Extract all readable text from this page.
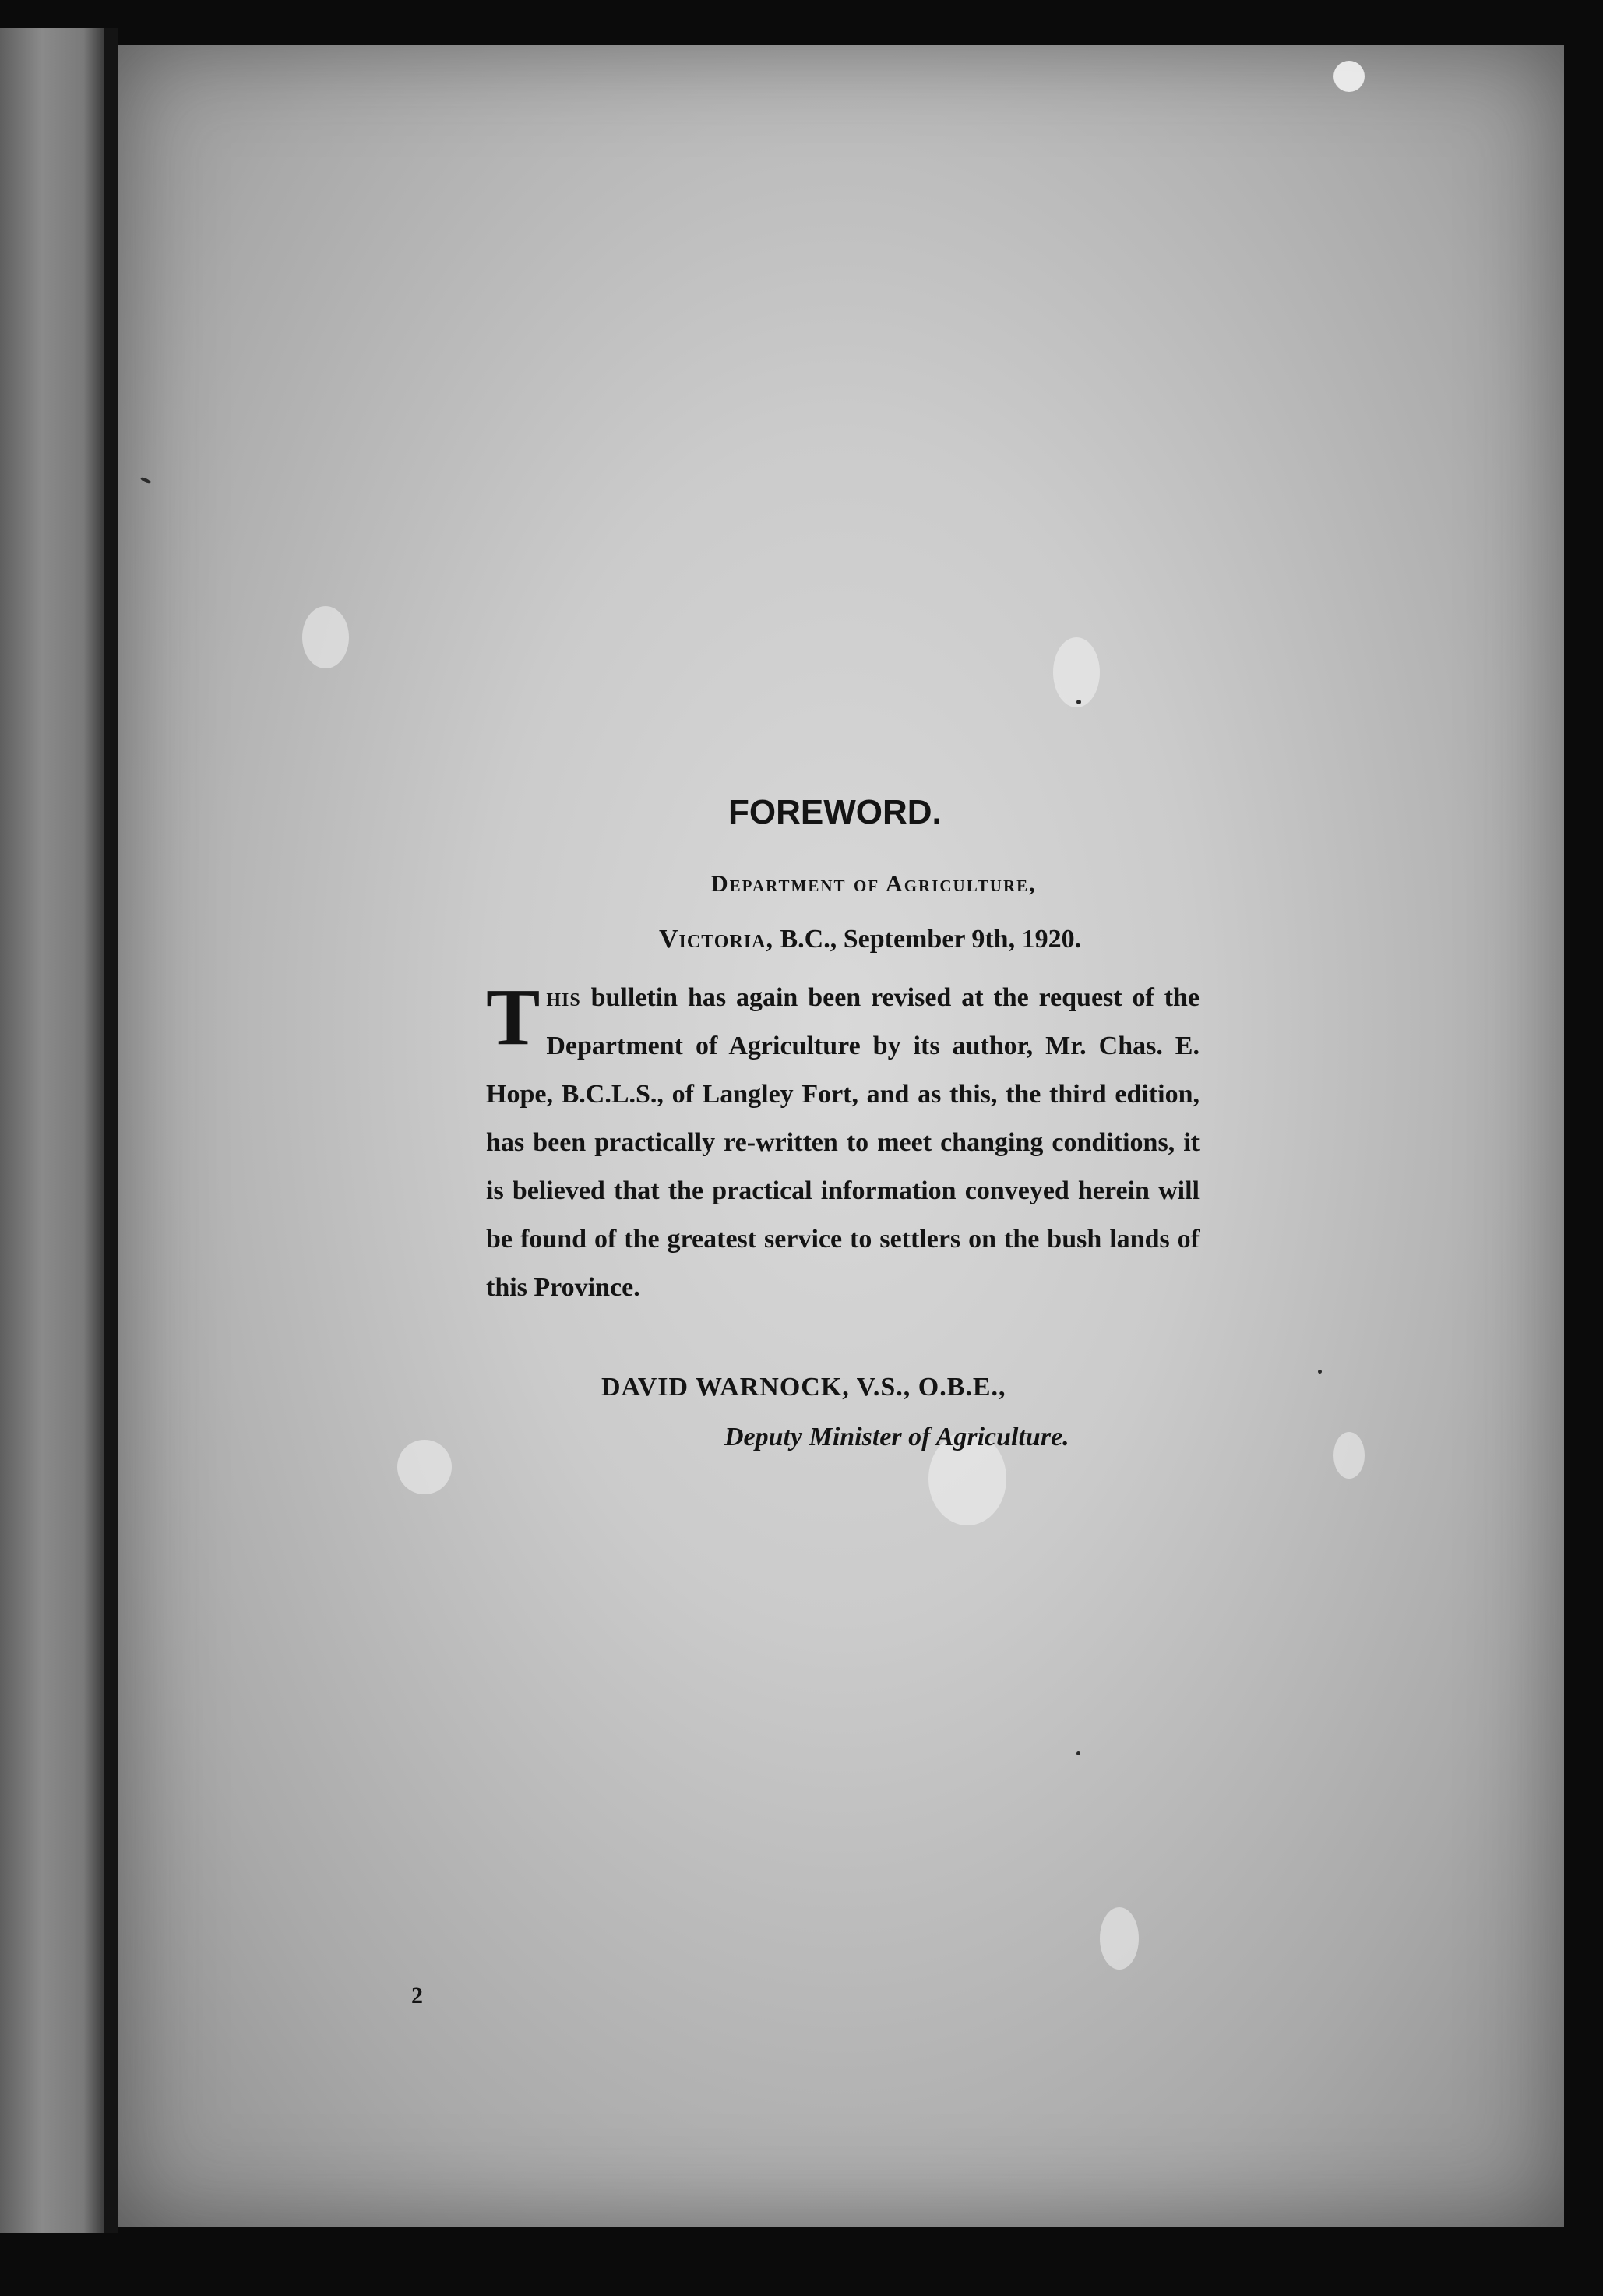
FOREWORD.
Department of Agriculture,
Victoria, B.C., September 9th, 1920.
This bulletin has again been revised at the request of the Department of Agriculture by its author, Mr. Chas. E. Hope, B.C.L.S., of Langley Fort, and as this, the third edition, has been practically re-written to meet changing conditions, it is believed that the practical information conveyed herein will be found of the greatest service to settlers on the bush lands of this Province.
DAVID WARNOCK, V.S., O.B.E.,
Deputy Minister of Agriculture.
2
